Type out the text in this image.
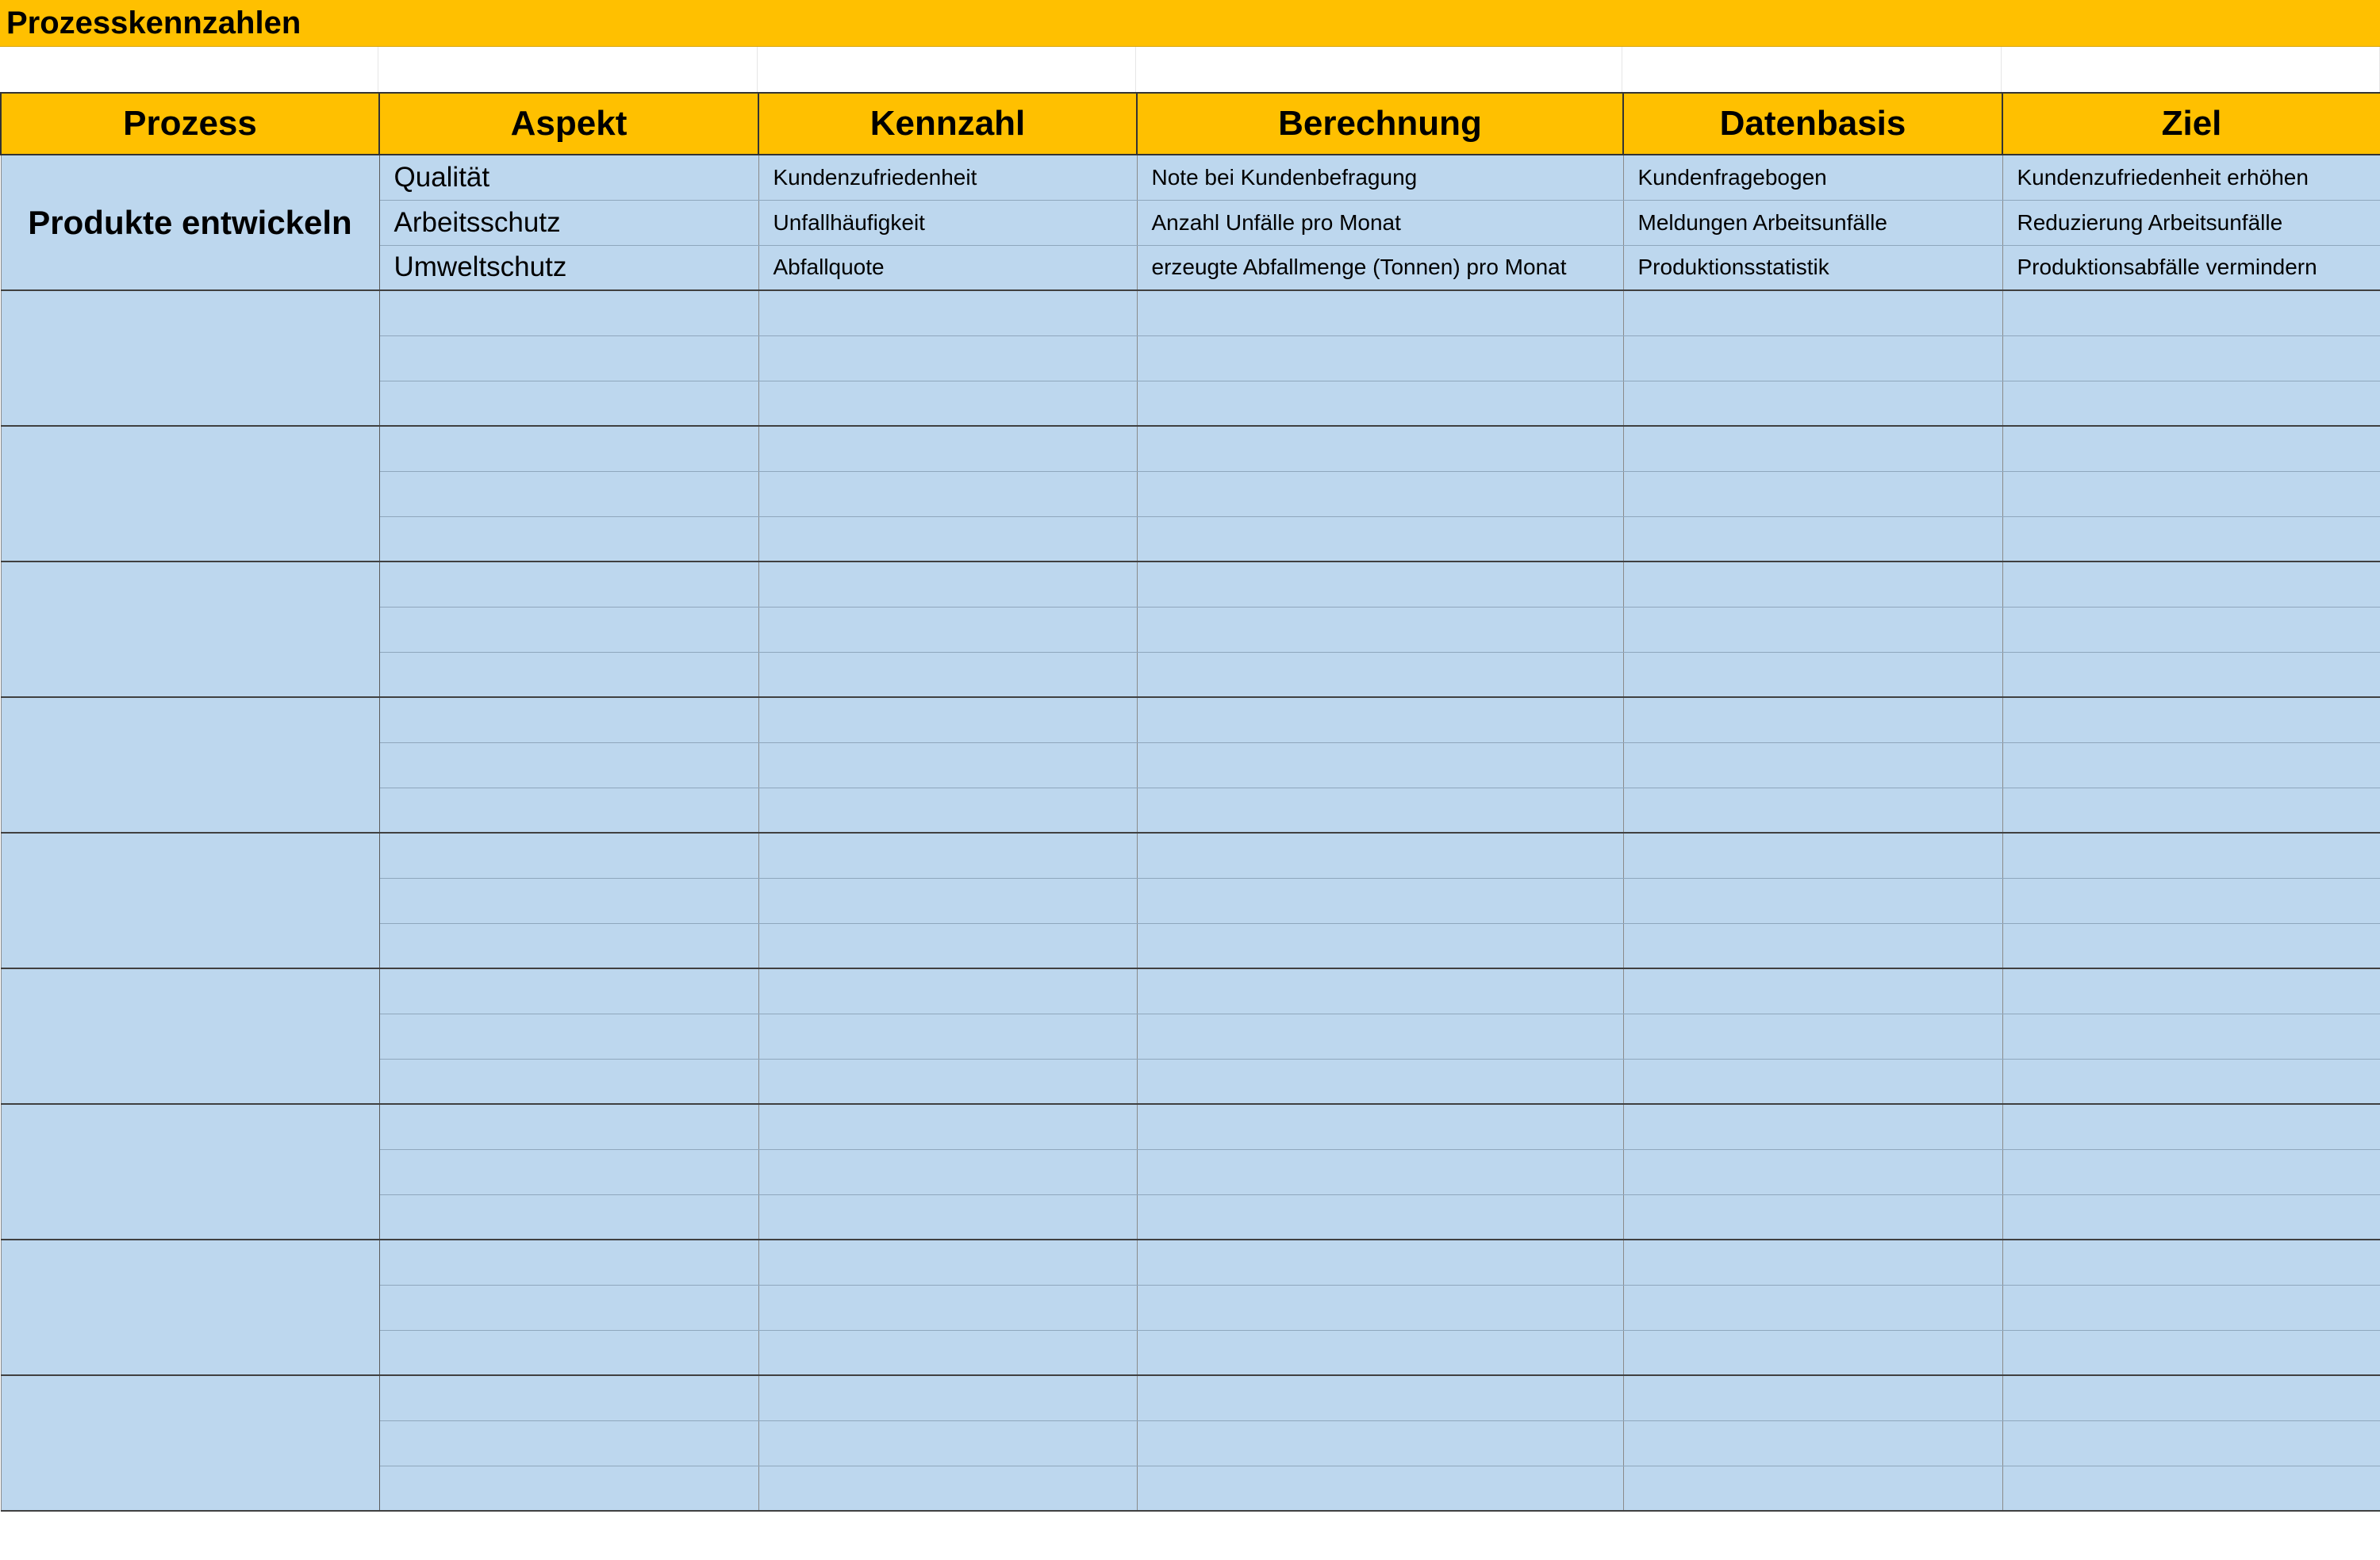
Prozesskennzahlen
Prozess	Aspekt	Kennzahl	Berechnung	Datenbasis	Ziel
Produkte entwickeln	Qualität	Kundenzufriedenheit	Note bei Kundenbefragung	Kundenfragebogen	Kundenzufriedenheit erhöhen
	Arbeitsschutz	Unfallhäufigkeit	Anzahl Unfälle pro Monat	Meldungen Arbeitsunfälle	Reduzierung Arbeitsunfälle
	Umweltschutz	Abfallquote	erzeugte Abfallmenge (Tonnen) pro Monat	Produktionsstatistik	Produktionsabfälle vermindern
